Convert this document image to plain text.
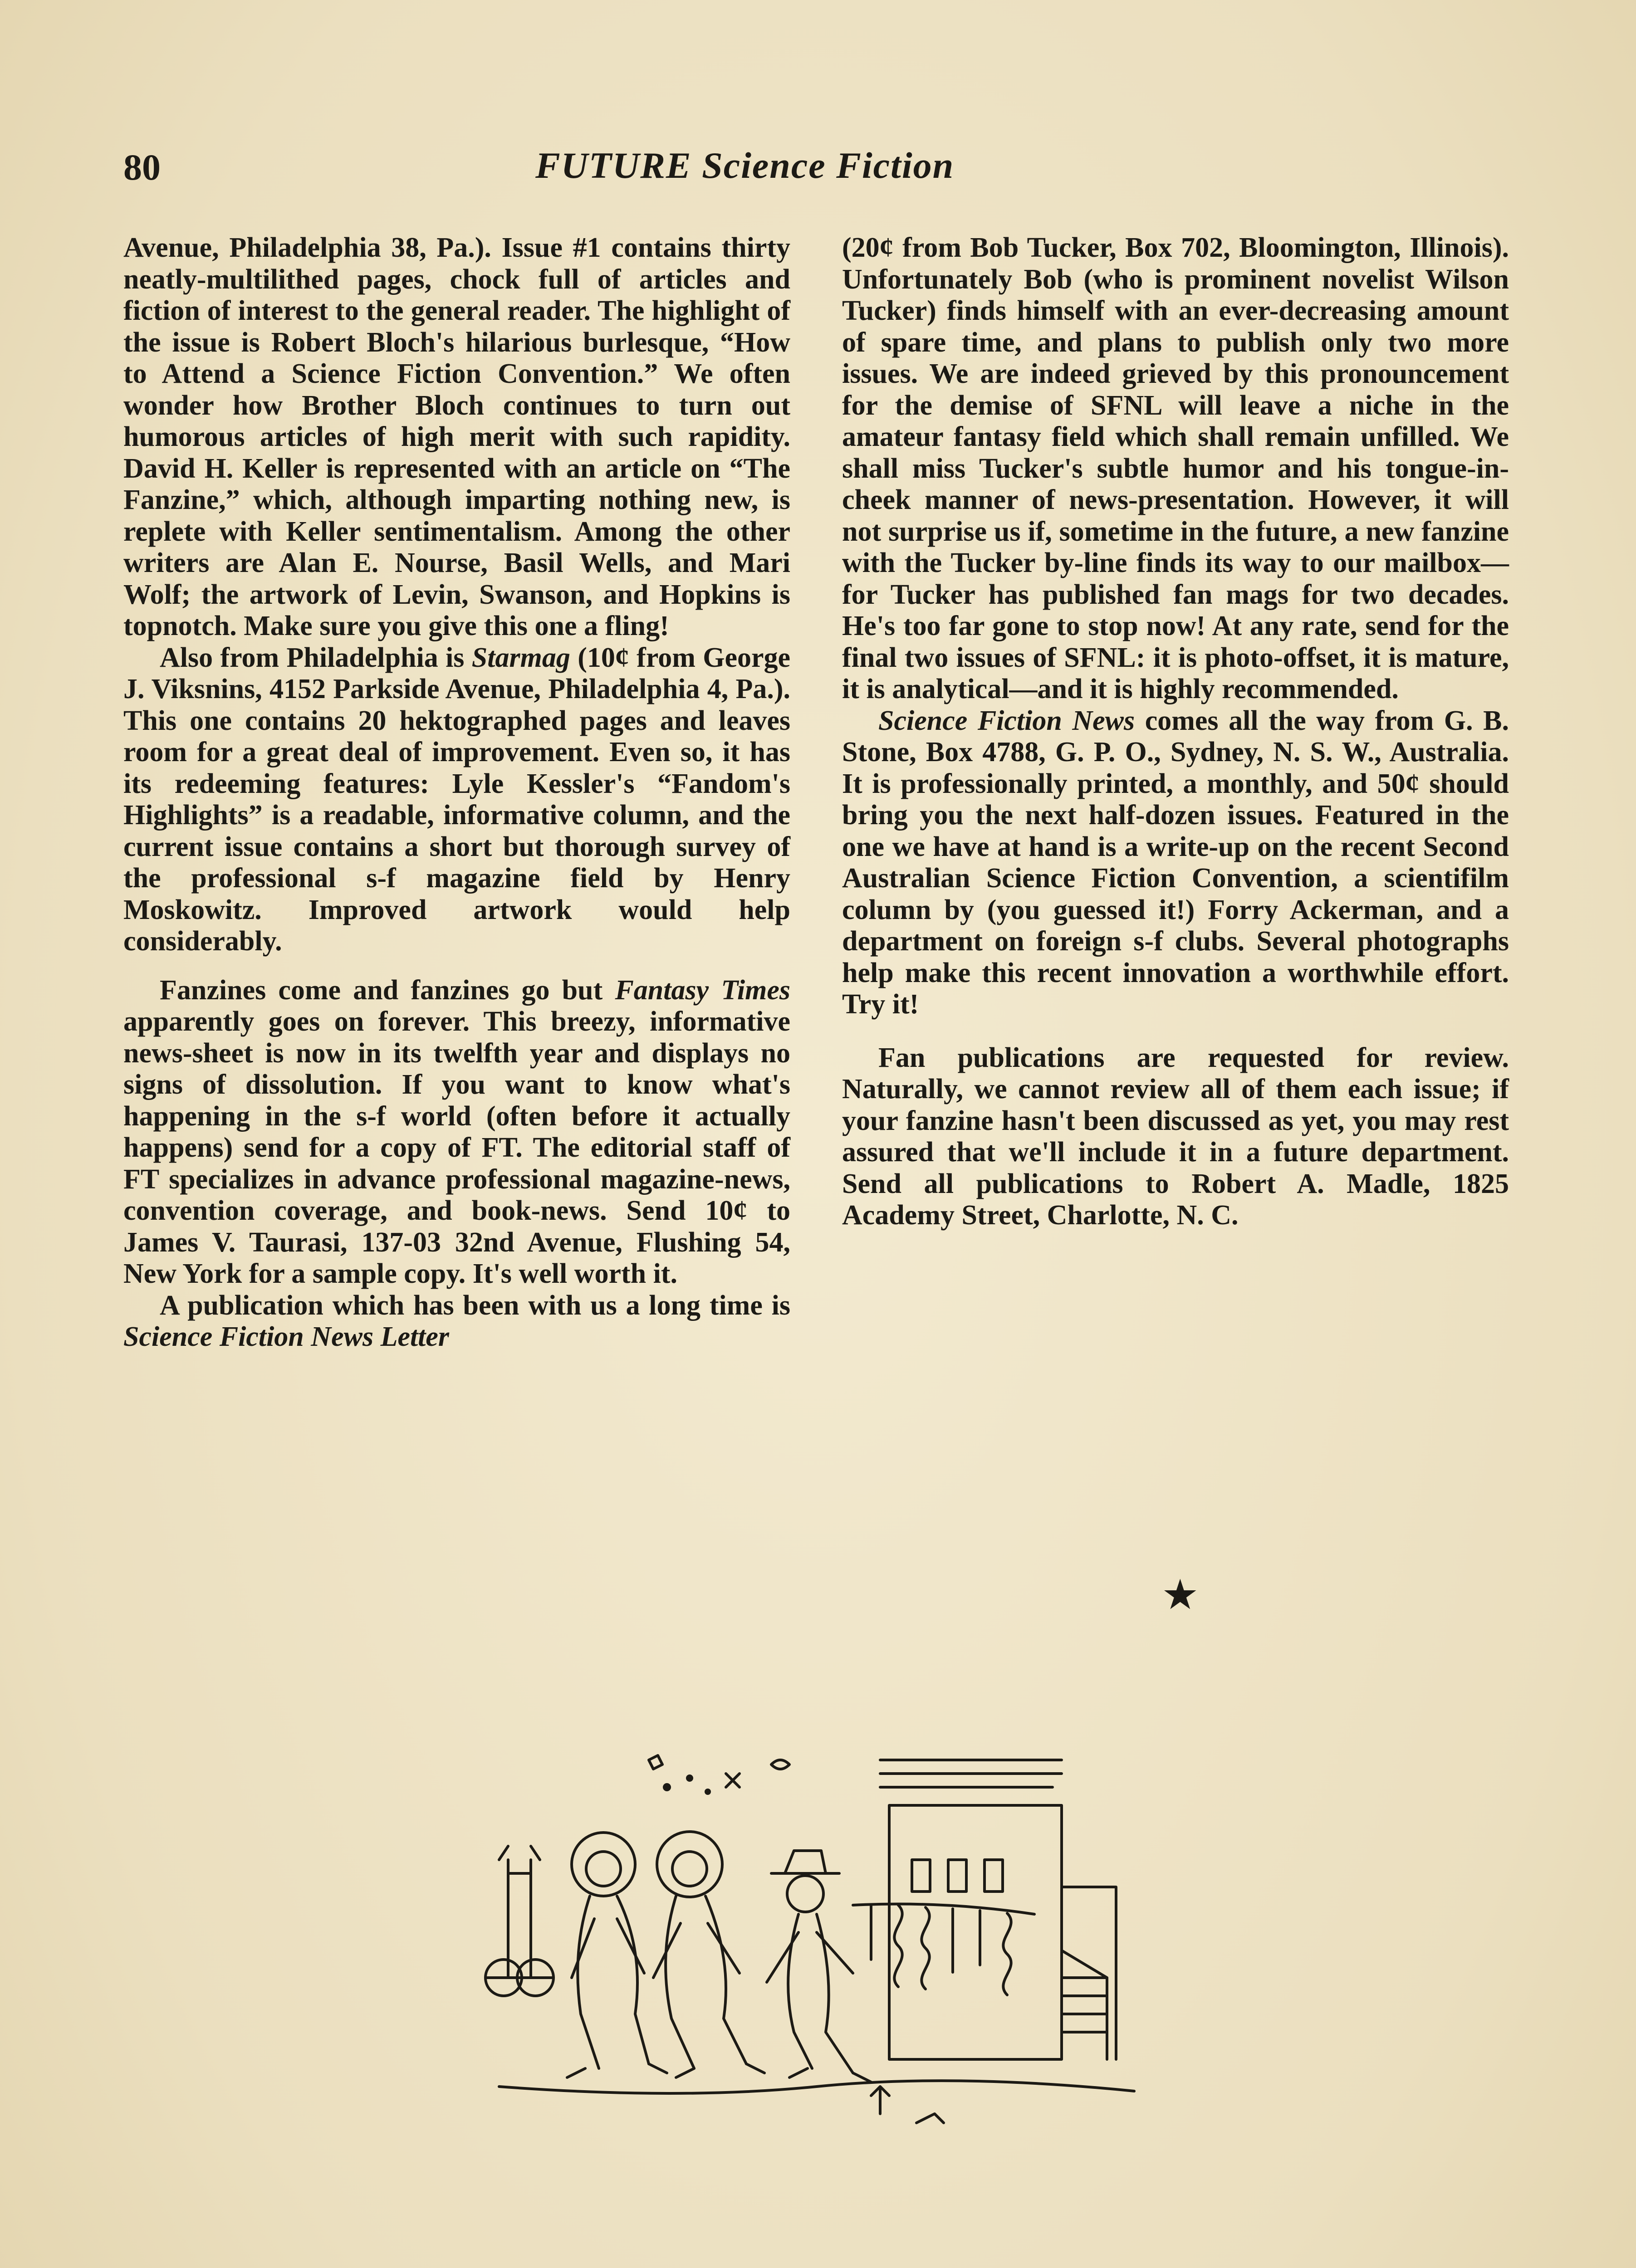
80	FUTURE Science Fiction

Avenue, Philadelphia 38, Pa.). Issue #1 contains thirty neatly-multilithed pages, chock full of articles and fiction of interest to the general reader. The highlight of the issue is Robert Bloch's hilarious burlesque, “How to Attend a Science Fiction Convention.” We often wonder how Brother Bloch continues to turn out humorous articles of high merit with such rapidity. David H. Keller is represented with an article on “The Fanzine,” which, although imparting nothing new, is replete with Keller sentimentalism. Among the other writers are Alan E. Nourse, Basil Wells, and Mari Wolf; the artwork of Levin, Swanson, and Hopkins is topnotch. Make sure you give this one a fling!

Also from Philadelphia is Starmag (10¢ from George J. Viksnins, 4152 Parkside Avenue, Philadelphia 4, Pa.). This one contains 20 hektographed pages and leaves room for a great deal of improvement. Even so, it has its redeeming features: Lyle Kessler's “Fandom's Highlights” is a readable, informative column, and the current issue contains a short but thorough survey of the professional s-f magazine field by Henry Moskowitz. Improved artwork would help considerably.

Fanzines come and fanzines go but Fantasy Times apparently goes on forever. This breezy, informative news-sheet is now in its twelfth year and displays no signs of dissolution. If you want to know what's happening in the s-f world (often before it actually happens) send for a copy of FT. The editorial staff of FT specializes in advance professional magazine-news, convention coverage, and book-news. Send 10¢ to James V. Taurasi, 137-03 32nd Avenue, Flushing 54, New York for a sample copy. It's well worth it.

A publication which has been with us a long time is Science Fiction News Letter

(20¢ from Bob Tucker, Box 702, Bloomington, Illinois). Unfortunately Bob (who is prominent novelist Wilson Tucker) finds himself with an ever-decreasing amount of spare time, and plans to publish only two more issues. We are indeed grieved by this pronouncement for the demise of SFNL will leave a niche in the amateur fantasy field which shall remain unfilled. We shall miss Tucker's subtle humor and his tongue-in-cheek manner of news-presentation. However, it will not surprise us if, sometime in the future, a new fanzine with the Tucker by-line finds its way to our mailbox—for Tucker has published fan mags for two decades. He's too far gone to stop now! At any rate, send for the final two issues of SFNL: it is photo-offset, it is mature, it is analytical—and it is highly recommended.

Science Fiction News comes all the way from G. B. Stone, Box 4788, G. P. O., Sydney, N. S. W., Australia. It is professionally printed, a monthly, and 50¢ should bring you the next half-dozen issues. Featured in the one we have at hand is a write-up on the recent Second Australian Science Fiction Convention, a scientifilm column by (you guessed it!) Forry Ackerman, and a department on foreign s-f clubs. Several photographs help make this recent innovation a worthwhile effort. Try it!

Fan publications are requested for review. Naturally, we cannot review all of them each issue; if your fanzine hasn't been discussed as yet, you may rest assured that we'll include it in a future department. Send all publications to Robert A. Madle, 1825 Academy Street, Charlotte, N. C.

★
